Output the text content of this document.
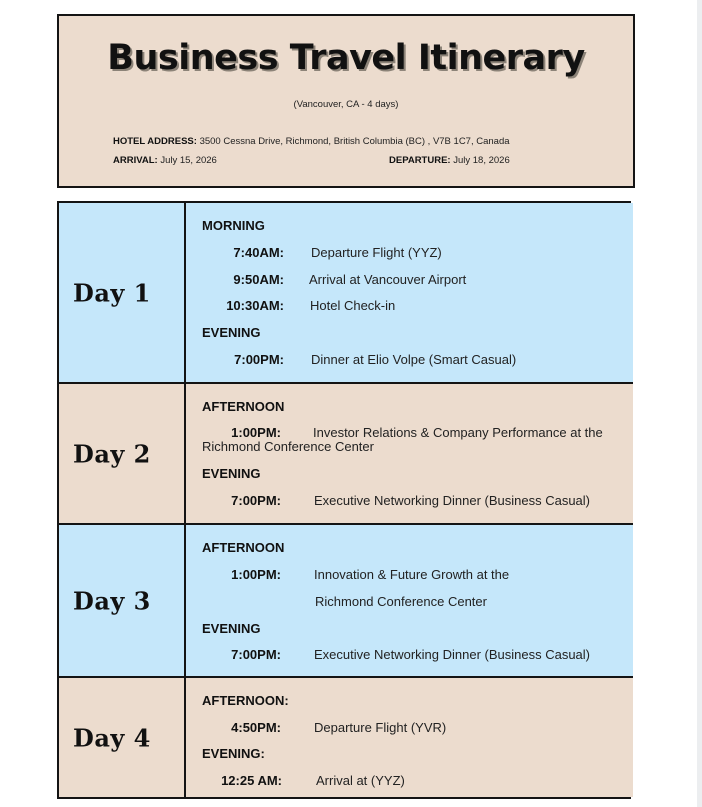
Business Travel Itinerary
(Vancouver, CA - 4 days)
HOTEL ADDRESS: 3500 Cessna Drive, Richmond, British Columbia (BC) , V7B 1C7, Canada
ARRIVAL: July 15, 2026	DEPARTURE: July 18, 2026
Day 1
MORNING
7:40AM: Departure Flight (YYZ)
9:50AM: Arrival at Vancouver Airport
10:30AM: Hotel Check-in
EVENING
7:00PM: Dinner at Elio Volpe (Smart Casual)
Day 2
AFTERNOON
1:00PM: Investor Relations & Company Performance at the Richmond Conference Center
EVENING
7:00PM:	Executive Networking Dinner (Business Casual)
Day 3
AFTERNOON
1:00PM:	Innovation & Future Growth at the
Richmond Conference Center
EVENING
7:00PM:	Executive Networking Dinner (Business Casual)
Day 4
AFTERNOON:
4:50PM:	Departure Flight (YVR)
EVENING:
12:25 AM:	Arrival at (YYZ)
